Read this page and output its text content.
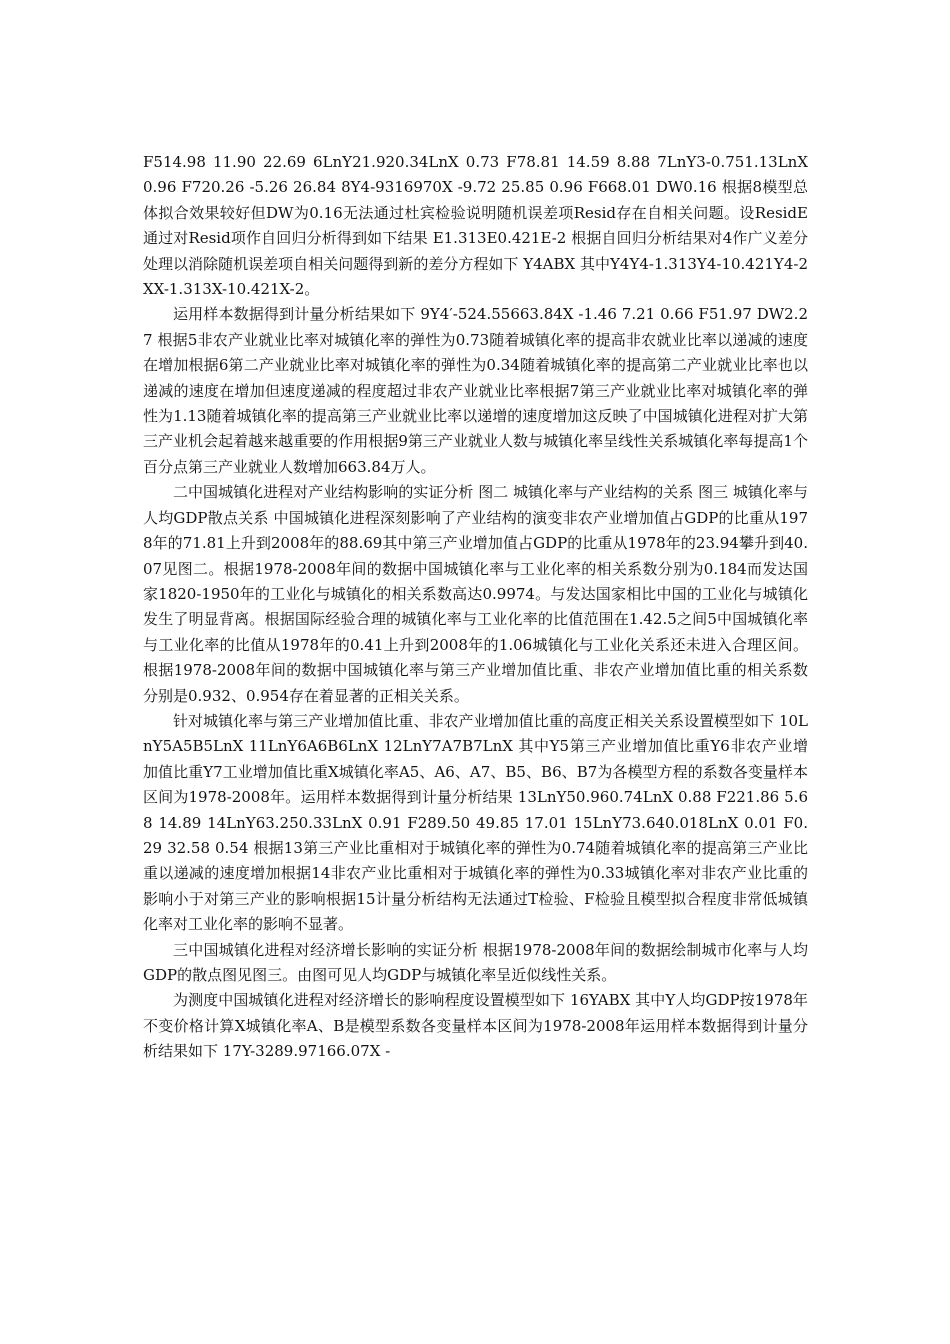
F514.98 11.90 22.69 6LnY21.920.34LnX 0.73 F78.81 14.59 8.88 7LnY3-0.751.13LnX 0.96 F720.26 -5.26 26.84 8Y4-9316970X -9.72 25.85 0.96 F668.01 DW0.16 根据8模型总体拟合效果较好但DW为0.16无法通过杜宾检验说明随机误差项Resid存在自相关问题。设ResidE通过对Resid项作自回归分析得到如下结果 E1.313E0.421E-2 根据自回归分析结果对4作广义差分处理以消除随机误差项自相关问题得到新的差分方程如下 Y4ABX 其中Y4Y4-1.313Y4-10.421Y4-2XX-1.313X-10.421X-2。

运用样本数据得到计量分析结果如下 9Y4′-524.55663.84X -1.46 7.21 0.66 F51.97 DW2.27 根据5非农产业就业比率对城镇化率的弹性为0.73随着城镇化率的提高非农就业比率以递减的速度在增加根据6第二产业就业比率对城镇化率的弹性为0.34随着城镇化率的提高第二产业就业比率也以递减的速度在增加但速度递减的程度超过非农产业就业比率根据7第三产业就业比率对城镇化率的弹性为1.13随着城镇化率的提高第三产业就业比率以递增的速度增加这反映了中国城镇化进程对扩大第三产业机会起着越来越重要的作用根据9第三产业就业人数与城镇化率呈线性关系城镇化率每提高1个百分点第三产业就业人数增加663.84万人。

二中国城镇化进程对产业结构影响的实证分析 图二 城镇化率与产业结构的关系 图三 城镇化率与人均GDP散点关系 中国城镇化进程深刻影响了产业结构的演变非农产业增加值占GDP的比重从1978年的71.81上升到2008年的88.69其中第三产业增加值占GDP的比重从1978年的23.94攀升到40.07见图二。根据1978-2008年间的数据中国城镇化率与工业化率的相关系数分别为0.184而发达国家1820-1950年的工业化与城镇化的相关系数高达0.9974。与发达国家相比中国的工业化与城镇化发生了明显背离。根据国际经验合理的城镇化率与工业化率的比值范围在1.42.5之间5中国城镇化率与工业化率的比值从1978年的0.41上升到2008年的1.06城镇化与工业化关系还未进入合理区间。根据1978-2008年间的数据中国城镇化率与第三产业增加值比重、非农产业增加值比重的相关系数分别是0.932、0.954存在着显著的正相关关系。

针对城镇化率与第三产业增加值比重、非农产业增加值比重的高度正相关关系设置模型如下 10LnY5A5B5LnX 11LnY6A6B6LnX 12LnY7A7B7LnX 其中Y5第三产业增加值比重Y6非农产业增加值比重Y7工业增加值比重X城镇化率A5、A6、A7、B5、B6、B7为各模型方程的系数各变量样本区间为1978-2008年。运用样本数据得到计量分析结果 13LnY50.960.74LnX 0.88 F221.86 5.68 14.89 14LnY63.250.33LnX 0.91 F289.50 49.85 17.01 15LnY73.640.018LnX 0.01 F0.29 32.58 0.54 根据13第三产业比重相对于城镇化率的弹性为0.74随着城镇化率的提高第三产业比重以递减的速度增加根据14非农产业比重相对于城镇化率的弹性为0.33城镇化率对非农产业比重的影响小于对第三产业的影响根据15计量分析结构无法通过T检验、F检验且模型拟合程度非常低城镇化率对工业化率的影响不显著。

三中国城镇化进程对经济增长影响的实证分析 根据1978-2008年间的数据绘制城市化率与人均GDP的散点图见图三。由图可见人均GDP与城镇化率呈近似线性关系。

为测度中国城镇化进程对经济增长的影响程度设置模型如下 16YABX 其中Y人均GDP按1978年不变价格计算X城镇化率A、B是模型系数各变量样本区间为1978-2008年运用样本数据得到计量分析结果如下 17Y-3289.97166.07X -
